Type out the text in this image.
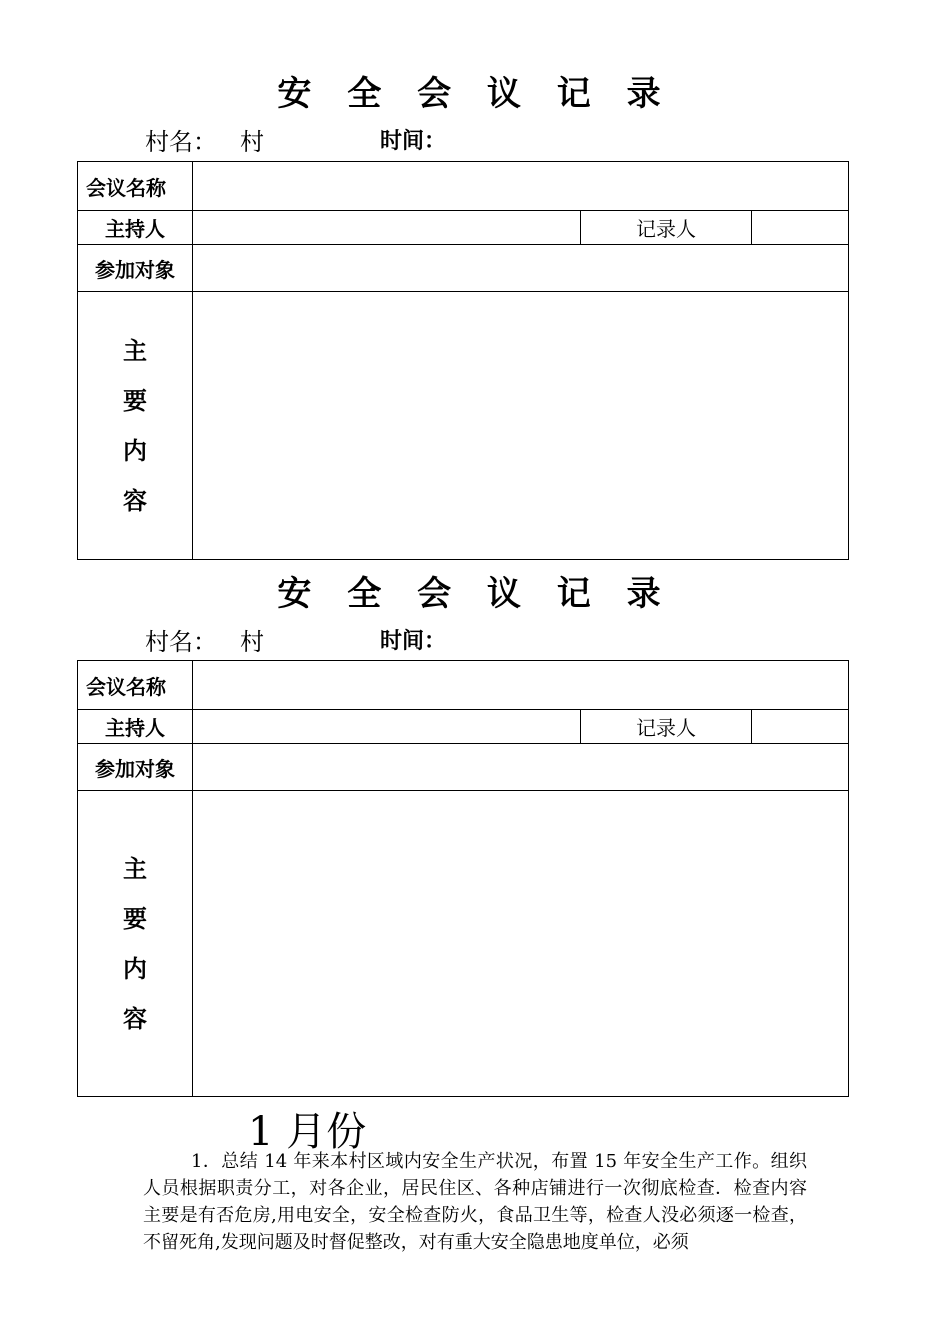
安 全 会 议 记 录
村名： 村	时间：
会议名称			
主持人		记录人	
参加对象			

主
要
内
容			

安 全 会 议 记 录
村名： 村	时间：
会议名称			
主持人		记录人	
参加对象			

主
要
内
容			

1 月份
1．总结 14 年来本村区域内安全生产状况，布置 15 年安全生产工作。组织人员根据职责分工，对各企业，居民住区、各种店铺进行一次彻底检查．检查内容主要是有否危房,用电安全，安全检查防火，食品卫生等，检查人没必须逐一检查，不留死角,发现问题及时督促整改，对有重大安全隐患地度单位，必须
